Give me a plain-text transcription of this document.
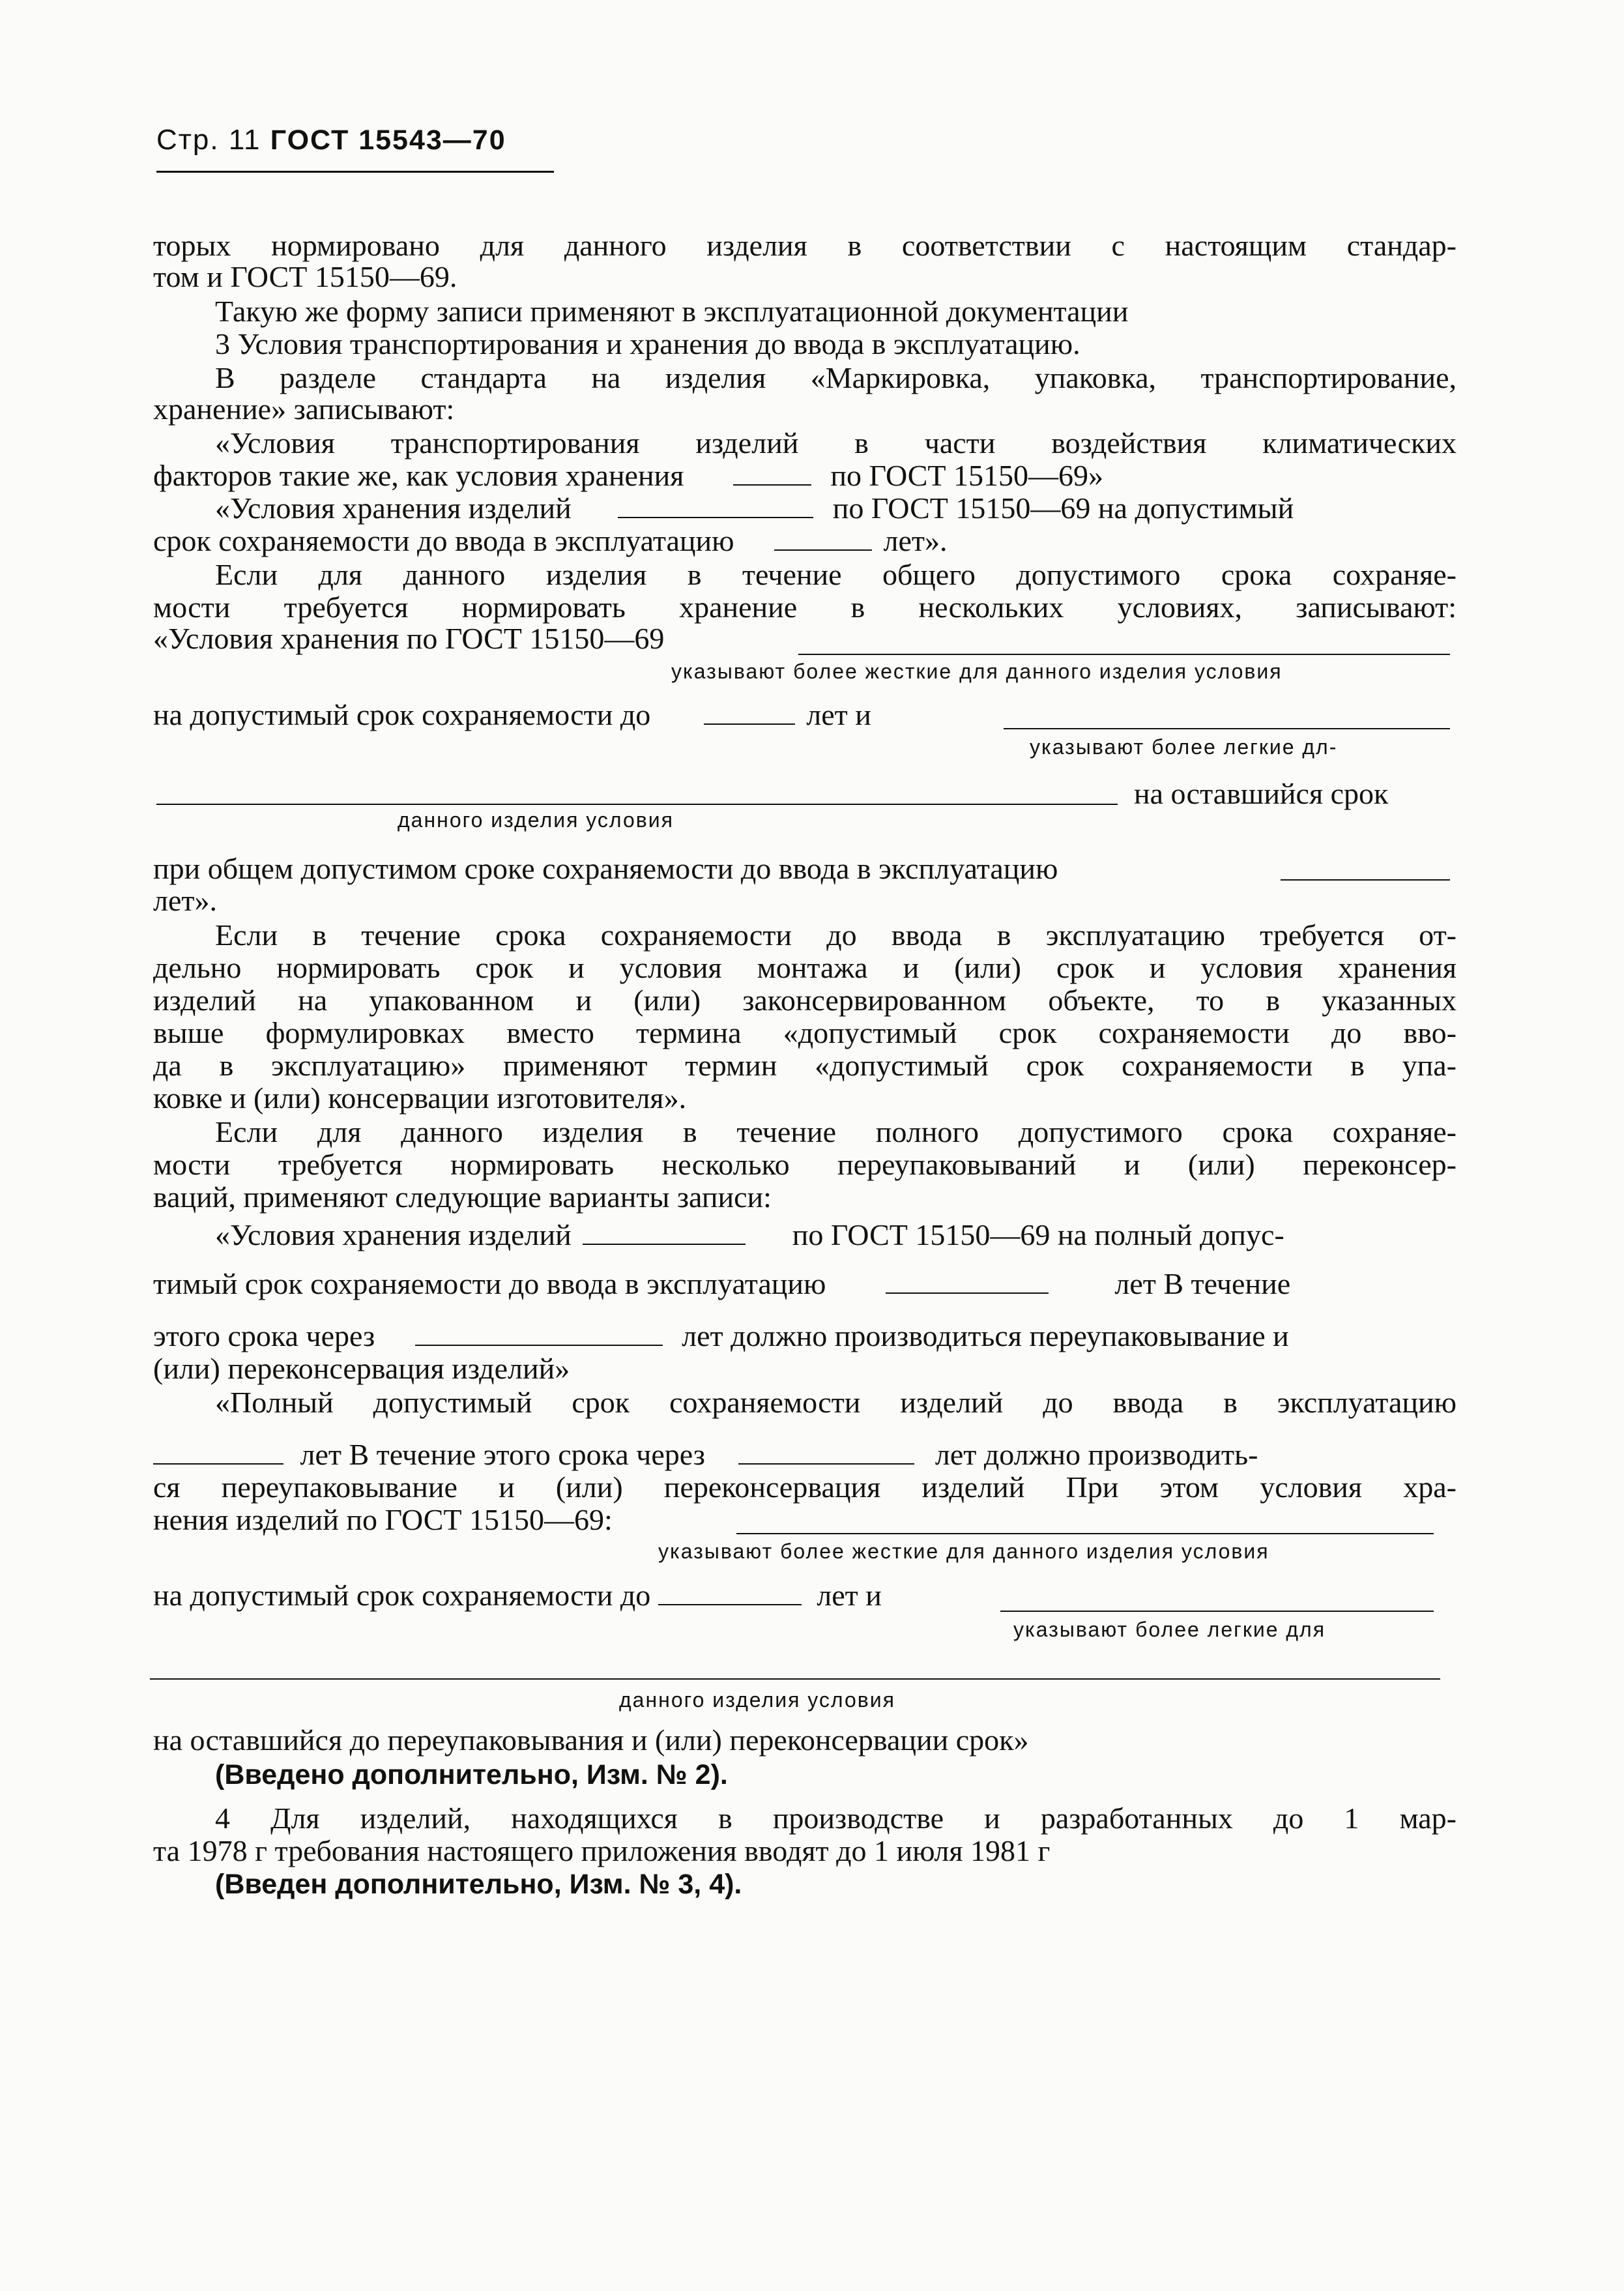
Стр. 11 ГОСТ 15543—70
торых нормировано для данного изделия в соответствии с настоящим стандар-
том и ГОСТ 15150—69.
Такую же форму записи применяют в эксплуатационной документации
3 Условия транспортирования и хранения до ввода в эксплуатацию.
В разделе стандарта на изделия «Маркировка, упаковка, транспортирование,
хранение» записывают:
«Условия транспортирования изделий в части воздействия климатических
факторов такие же, как условия хранения	по ГОСТ 15150—69»
«Условия хранения изделий	по ГОСТ 15150—69 на допустимый
срок сохраняемости до ввода в эксплуатацию	лет».
Если для данного изделия в течение общего допустимого срока сохраняе-
мости требуется нормировать хранение в нескольких условиях, записывают:
«Условия хранения по ГОСТ 15150—69
указывают более жесткие для данного изделия условия
на допустимый срок сохраняемости до	лет и
указывают более легкие дл-
на оставшийся срок
данного изделия условия
при общем допустимом сроке сохраняемости до ввода в эксплуатацию
лет».
Если в течение срока сохраняемости до ввода в эксплуатацию требуется от-
дельно нормировать срок и условия монтажа и (или) срок и условия хранения
изделий на упакованном и (или) законсервированном объекте, то в указанных
выше формулировках вместо термина «допустимый срок сохраняемости до вво-
да в эксплуатацию» применяют термин «допустимый срок сохраняемости в упа-
ковке и (или) консервации изготовителя».
Если для данного изделия в течение полного допустимого срока сохраняе-
мости требуется нормировать несколько переупаковываний и (или) переконсер-
ваций, применяют следующие варианты записи:
«Условия хранения изделий	по ГОСТ 15150—69 на полный допус-
тимый срок сохраняемости до ввода в эксплуатацию	лет В течение
этого срока через	лет должно производиться переупаковывание и
(или) переконсервация изделий»
«Полный допустимый срок сохраняемости изделий до ввода в эксплуатацию
лет В течение этого срока через	лет должно производить-
ся переупаковывание и (или) переконсервация изделий При этом условия хра-
нения изделий по ГОСТ 15150—69:
указывают более жесткие для данного изделия условия
на допустимый срок сохраняемости до	лет и
указывают более легкие для
данного изделия условия
на оставшийся до переупаковывания и (или) переконсервации срок»
(Введено дополнительно, Изм. № 2).
4 Для изделий, находящихся в производстве и разработанных до 1 мар-
та 1978 г требования настоящего приложения вводят до 1 июля 1981 г
(Введен дополнительно, Изм. № 3, 4).
